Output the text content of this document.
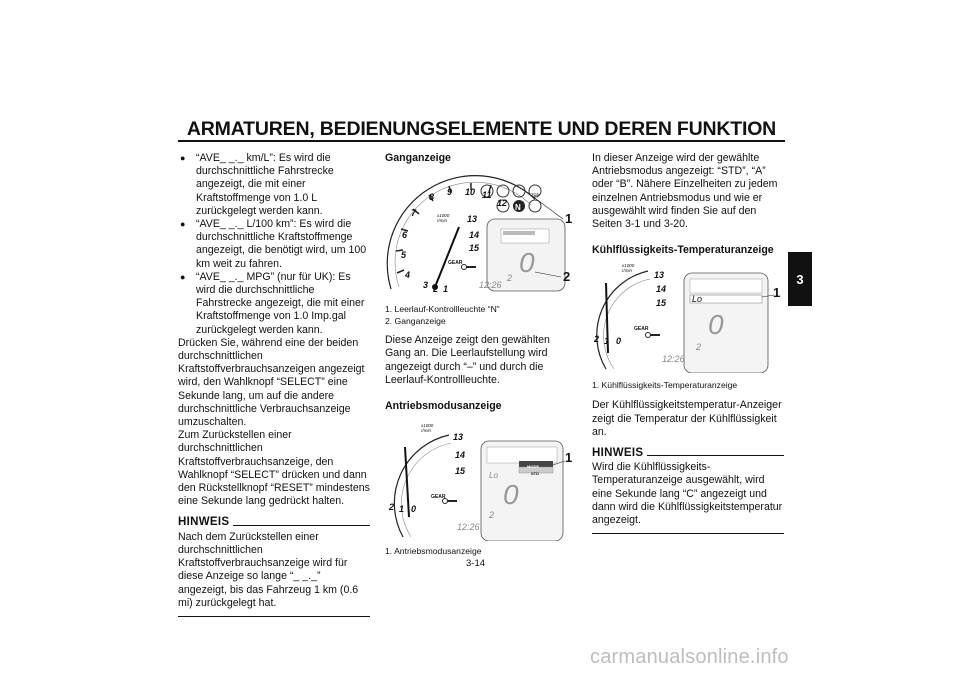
ARMATUREN, BEDIENUNGSELEMENTE UND DEREN FUNKTION
3
● “AVE_ _._ km/L”: Es wird die durchschnittliche Fahrstrecke angezeigt, die mit einer Kraftstoffmenge von 1.0 L zurückgelegt werden kann.
● “AVE_ _._ L/100 km”: Es wird die durchschnittliche Kraftstoffmenge angezeigt, die benötigt wird, um 100 km weit zu fahren.
● “AVE_ _._ MPG” (nur für UK): Es wird die durchschnittliche Fahrstrecke angezeigt, die mit einer Kraftstoffmenge von 1.0 Imp.gal zurückgelegt werden kann.

Drücken Sie, während eine der beiden durchschnittlichen Kraftstoffverbrauchsanzeigen angezeigt wird, den Wahlknopf “SELECT” eine Sekunde lang, um auf die andere durchschnittliche Verbrauchsanzeige umzuschalten.

Zum Zurückstellen einer durchschnittlichen Kraftstoffverbrauchsanzeige, den Wahlknopf “SELECT” drücken und dann den Rückstellknopf “RESET” mindestens eine Sekunde lang gedrückt halten.

HINWEIS

Nach dem Zurückstellen einer durchschnittlichen Kraftstoffverbrauchsanzeige wird für diese Anzeige so lange “_ _._” angezeigt, bis das Fahrzeug 1 km (0.6 mi) zurückgelegt hat.

Ganganzeige
8 9 10 11
7
6
5
4
12
13
14
15
3 2 1
x1000
r/min
GEAR
N
TCS
0
2
12:26
1
2
1. Leerlauf-Kontrollleuchte “N”
2. Ganganzeige

Diese Anzeige zeigt den gewählten Gang an. Die Leerlaufstellung wird angezeigt durch “–” und durch die Leerlauf-Kontrollleuchte.

Antriebsmodusanzeige
13
14
15
2 1 0
x1000
r/min
GEAR
MODE
STD
Lo
0
2
12:26
1
1. Antriebsmodusanzeige

In dieser Anzeige wird der gewählte Antriebsmodus angezeigt: “STD”, “A” oder “B”. Nähere Einzelheiten zu jedem einzelnen Antriebsmodus und wie er ausgewählt wird finden Sie auf den Seiten 3-1 und 3-20.

Kühlflüssigkeits-Temperaturanzeige
13
14
15
2 1 0
x1000
r/min
GEAR
Lo
0
2
12:26
1
1. Kühlflüssigkeits-Temperaturanzeige

Der Kühlflüssigkeitstemperatur-Anzeiger zeigt die Temperatur der Kühlflüssigkeit an.

HINWEIS

Wird die Kühlflüssigkeits-Temperaturanzeige ausgewählt, wird eine Sekunde lang “C” angezeigt und dann wird die Kühlflüssigkeitstemperatur angezeigt.

3-14
carmanualsonline.info
